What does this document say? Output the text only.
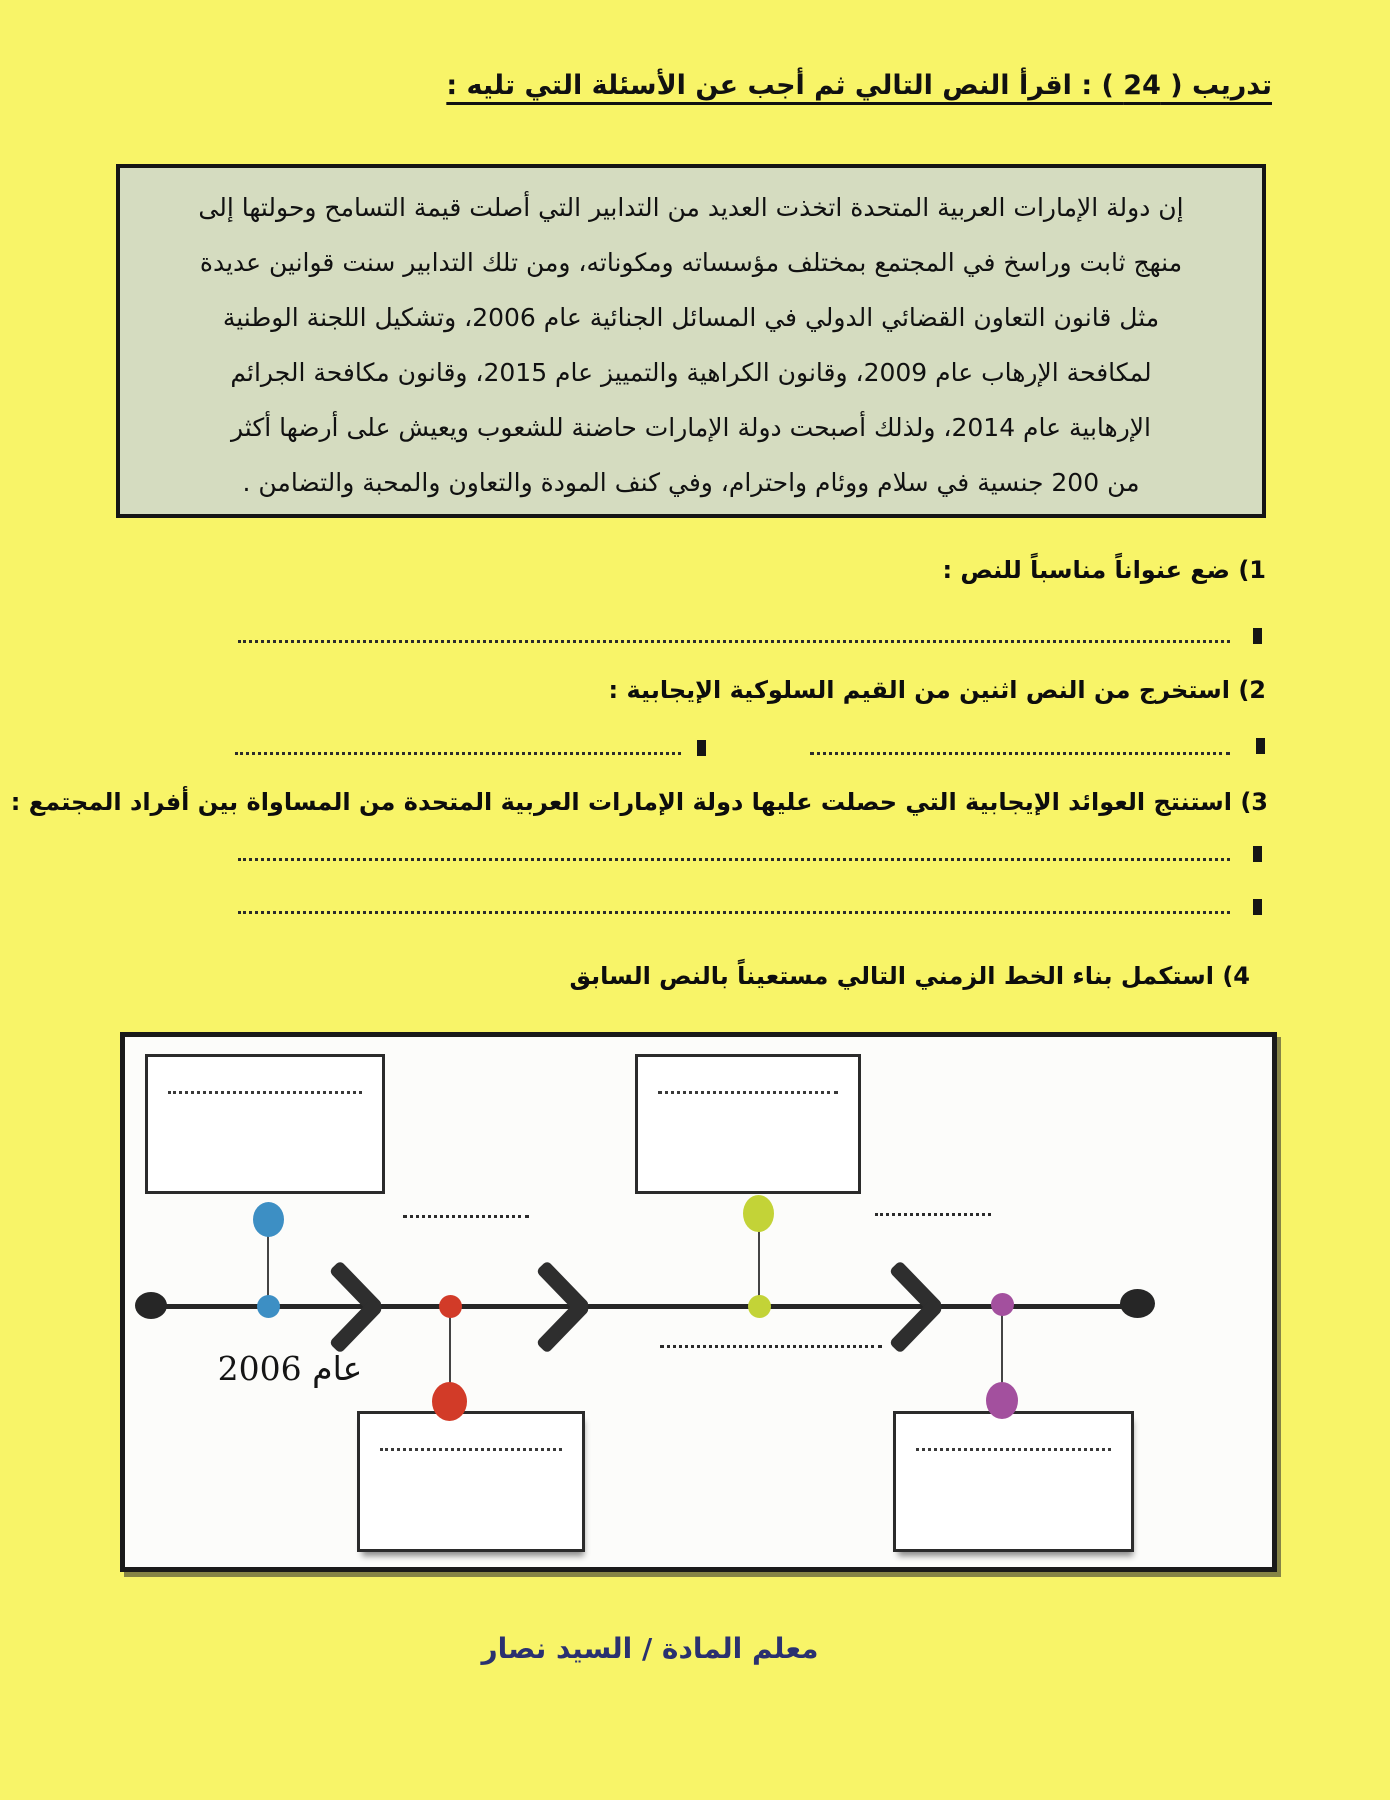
تدريب ( 24 ) : اقرأ النص التالي ثم أجب عن الأسئلة التي تليه :
إن دولة الإمارات العربية المتحدة اتخذت العديد من التدابير التي أصلت قيمة التسامح وحولتها إلى
منهج ثابت وراسخ في المجتمع بمختلف مؤسساته ومكوناته، ومن تلك التدابير سنت قوانين عديدة
مثل قانون التعاون القضائي الدولي في المسائل الجنائية عام 2006، وتشكيل اللجنة الوطنية
لمكافحة الإرهاب عام 2009، وقانون الكراهية والتمييز عام 2015، وقانون مكافحة الجرائم
الإرهابية عام 2014، ولذلك أصبحت دولة الإمارات حاضنة للشعوب ويعيش على أرضها أكثر
من 200 جنسية في سلام ووئام واحترام، وفي كنف المودة والتعاون والمحبة والتضامن .
1) ضع عنواناً مناسباً للنص :
2) استخرج من النص اثنين من القيم السلوكية الإيجابية :
3) استنتج العوائد الإيجابية التي حصلت عليها دولة الإمارات العربية المتحدة من المساواة بين أفراد المجتمع :
4) استكمل بناء الخط الزمني التالي مستعيناً بالنص السابق
عام 2006
معلم المادة / السيد نصار
